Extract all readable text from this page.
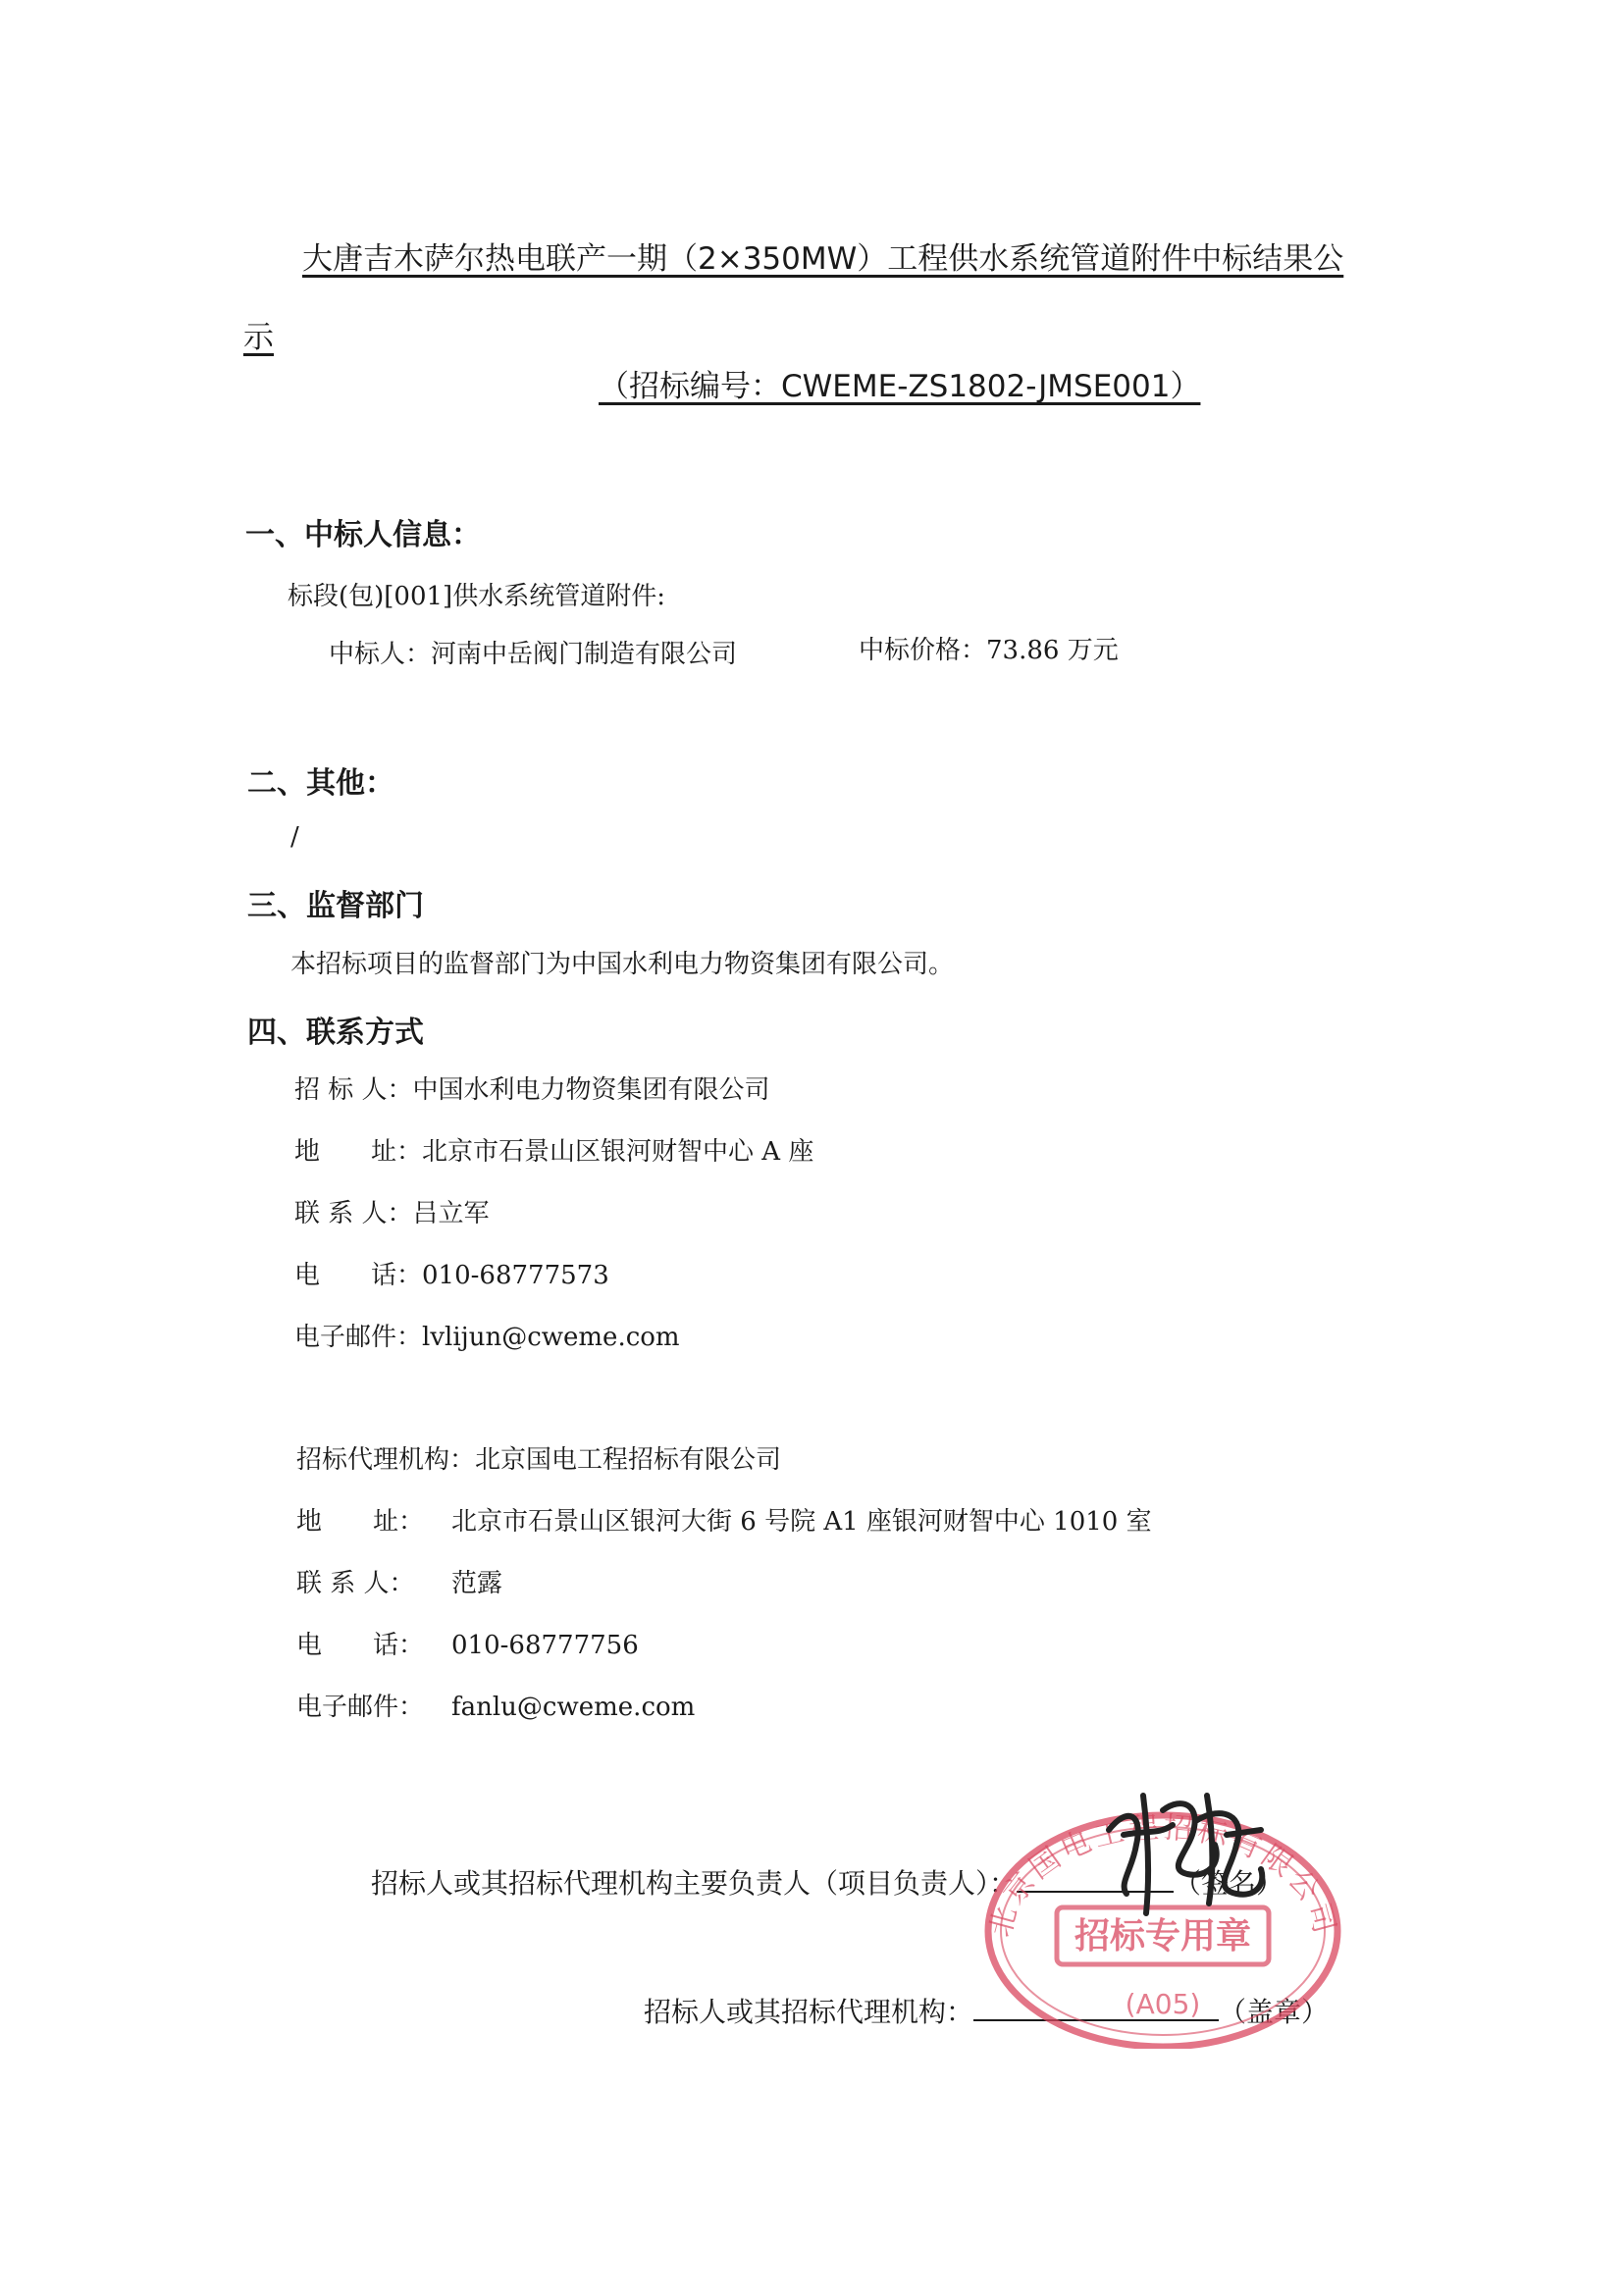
大唐吉木萨尔热电联产一期（2×350MW）工程供水系统管道附件中标结果公
示
（招标编号：CWEME-ZS1802-JMSE001）
一、中标人信息：
标段(包)[001]供水系统管道附件:
中标人：河南中岳阀门制造有限公司	中标价格：73.86 万元
二、其他：
/
三、监督部门
本招标项目的监督部门为中国水利电力物资集团有限公司。
四、联系方式
招 标 人：中国水利电力物资集团有限公司
地　　址：北京市石景山区银河财智中心 A 座
联 系 人：吕立军
电　　话：010-68777573
电子邮件：lvlijun@cweme.com
招标代理机构：北京国电工程招标有限公司
地　　址： 北京市石景山区银河大街 6 号院 A1 座银河财智中心 1010 室
联 系 人： 范露
电　　话： 010-68777756
电子邮件： fanlu@cweme.com
招标人或其招标代理机构主要负责人（项目负责人）：	（签名）
招标人或其招标代理机构：	（盖章）
北京国电工程招标有限公司
招标专用章
(A05)
